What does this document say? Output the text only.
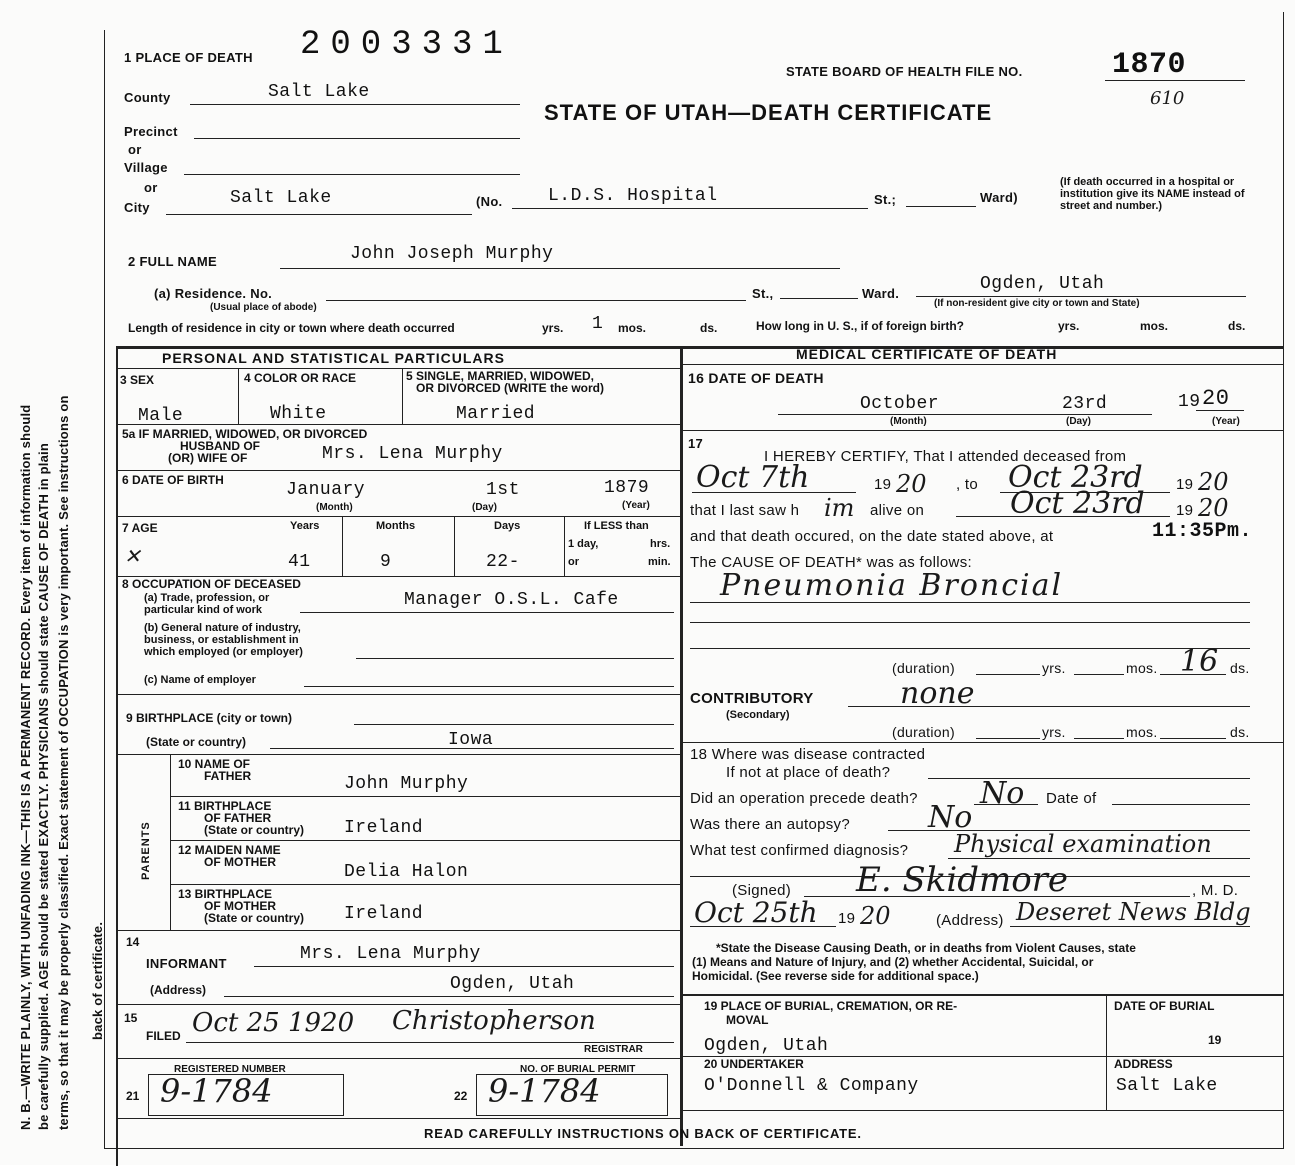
N. B.—WRITE PLAINLY, WITH UNFADING INK—THIS IS A PERMANENT RECORD. Every item of information should be carefully supplied. AGE should be stated EXACTLY. PHYSICIANS should state CAUSE OF DEATH in plain terms, so that it may be properly classified. Exact statement of OCCUPATION is very important. See instructions on back of certificate.
1 PLACE OF DEATH 2003331
STATE BOARD OF HEALTH FILE NO.	1870
610
STATE OF UTAH—DEATH CERTIFICATE
County	Salt Lake
Precinct
or
Village
or
City	Salt Lake	(No.	L.D.S. Hospital	St.;	Ward)
(If death occurred in a hospital or institution give its NAME instead of street and number.)
2 FULL NAME	John Joseph Murphy
(a) Residence. No.
(Usual place of abode)
St.,	Ward.	Ogden, Utah
(If non-resident give city or town and State)
Length of residence in city or town where death occurred	yrs. 1 mos.	ds.	How long in U. S., if of foreign birth?	yrs.	mos.	ds.
PERSONAL AND STATISTICAL PARTICULARS	MEDICAL CERTIFICATE OF DEATH
3 SEX	4 COLOR OR RACE	5 SINGLE, MARRIED, WIDOWED,
OR DIVORCED (WRITE the word)
Male	White	Married
5a IF MARRIED, WIDOWED, OR DIVORCED
HUSBAND OF
(OR) WIFE OF	Mrs. Lena Murphy
6 DATE OF BIRTH	January	1st	1879
(Month)	(Day)	(Year)
7 AGE
✕
Years	Months	Days
41	9	22-
If LESS than
1 day,	hrs.
or	min.
8 OCCUPATION OF DECEASED
(a) Trade, profession, or
particular kind of work	Manager O.S.L. Cafe
(b) General nature of industry,
business, or establishment in
which employed (or employer)
(c) Name of employer
9 BIRTHPLACE (city or town)
(State or country)	Iowa
PARENTS
10 NAME OF
FATHER	John Murphy
11 BIRTHPLACE
OF FATHER
(State or country) Ireland
12 MAIDEN NAME
OF MOTHER	Delia Halon
13 BIRTHPLACE
OF MOTHER
(State or country) Ireland
14
INFORMANT	Mrs. Lena Murphy
(Address)	Ogden, Utah
15
FILED Oct 25 1920 Christopherson
REGISTRAR
REGISTERED NUMBER	NO. OF BURIAL PERMIT
21 9-1784	22 9-1784
16 DATE OF DEATH
October	23rd	19 20
(Month)	(Day)	(Year)
17
I HEREBY CERTIFY, That I attended deceased from
Oct 7th	19 20 , to Oct 23rd 19 20
that I last saw h im alive on	Oct 23rd 19 20
and that death occured, on the date stated above, at	11:35Pm.
The CAUSE OF DEATH* was as follows:
Pneumonia Broncial
(duration)	yrs.	mos. 16 ds.
CONTRIBUTORY
(Secondary)
none
(duration)	yrs.	mos.	ds.
18 Where was disease contracted
If not at place of death?
Did an operation precede death? No Date of
Was there an autopsy?	No
What test confirmed diagnosis? Physical examination
(Signed) E. Skidmore	, M. D.
Oct 25th 19 20	(Address) Deseret News Bldg
*State the Disease Causing Death, or in deaths from Violent Causes, state
(1) Means and Nature of Injury, and (2) whether Accidental, Suicidal, or
Homicidal. (See reverse side for additional space.)
19 PLACE OF BURIAL, CREMATION, OR RE-
MOVAL
Ogden, Utah
DATE OF BURIAL
19
20 UNDERTAKER
O'Donnell & Company
ADDRESS
Salt Lake
READ CAREFULLY INSTRUCTIONS ON BACK OF CERTIFICATE.
